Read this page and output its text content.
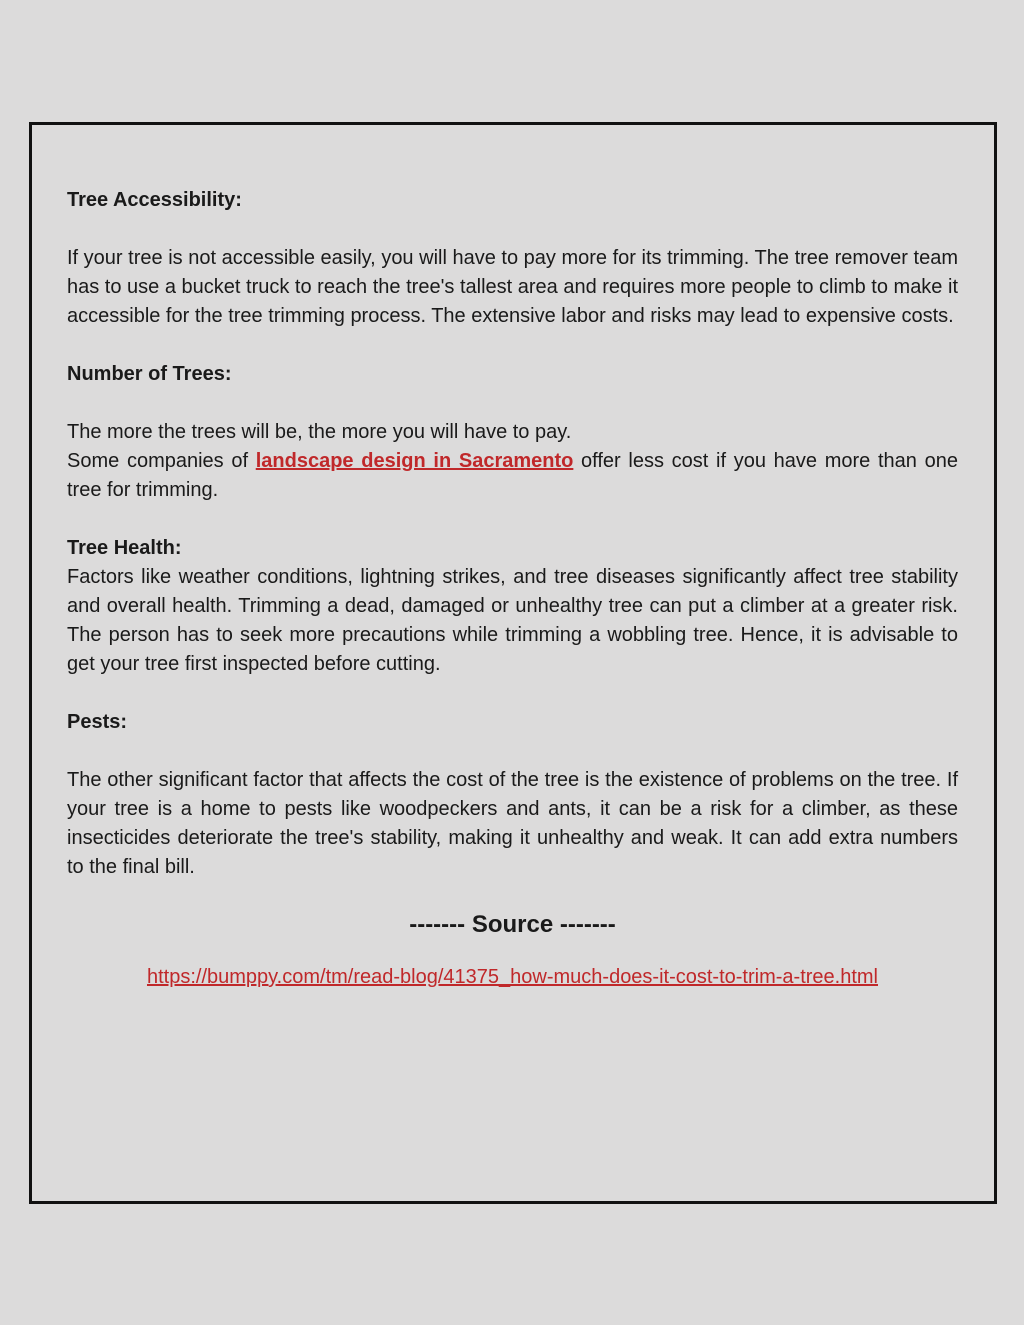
Tree Accessibility:

If your tree is not accessible easily, you will have to pay more for its trimming. The tree remover team has to use a bucket truck to reach the tree's tallest area and requires more people to climb to make it accessible for the tree trimming process. The extensive labor and risks may lead to expensive costs.

Number of Trees:

The more the trees will be, the more you will have to pay.

Some companies of landscape design in Sacramento offer less cost if you have more than one tree for trimming.

Tree Health:

Factors like weather conditions, lightning strikes, and tree diseases significantly affect tree stability and overall health. Trimming a dead, damaged or unhealthy tree can put a climber at a greater risk. The person has to seek more precautions while trimming a wobbling tree. Hence, it is advisable to get your tree first inspected before cutting.

Pests:

The other significant factor that affects the cost of the tree is the existence of problems on the tree. If your tree is a home to pests like woodpeckers and ants, it can be a risk for a climber, as these insecticides deteriorate the tree's stability, making it unhealthy and weak. It can add extra numbers to the final bill.

------- Source -------
https://bumppy.com/tm/read-blog/41375_how-much-does-it-cost-to-trim-a-tree.html
